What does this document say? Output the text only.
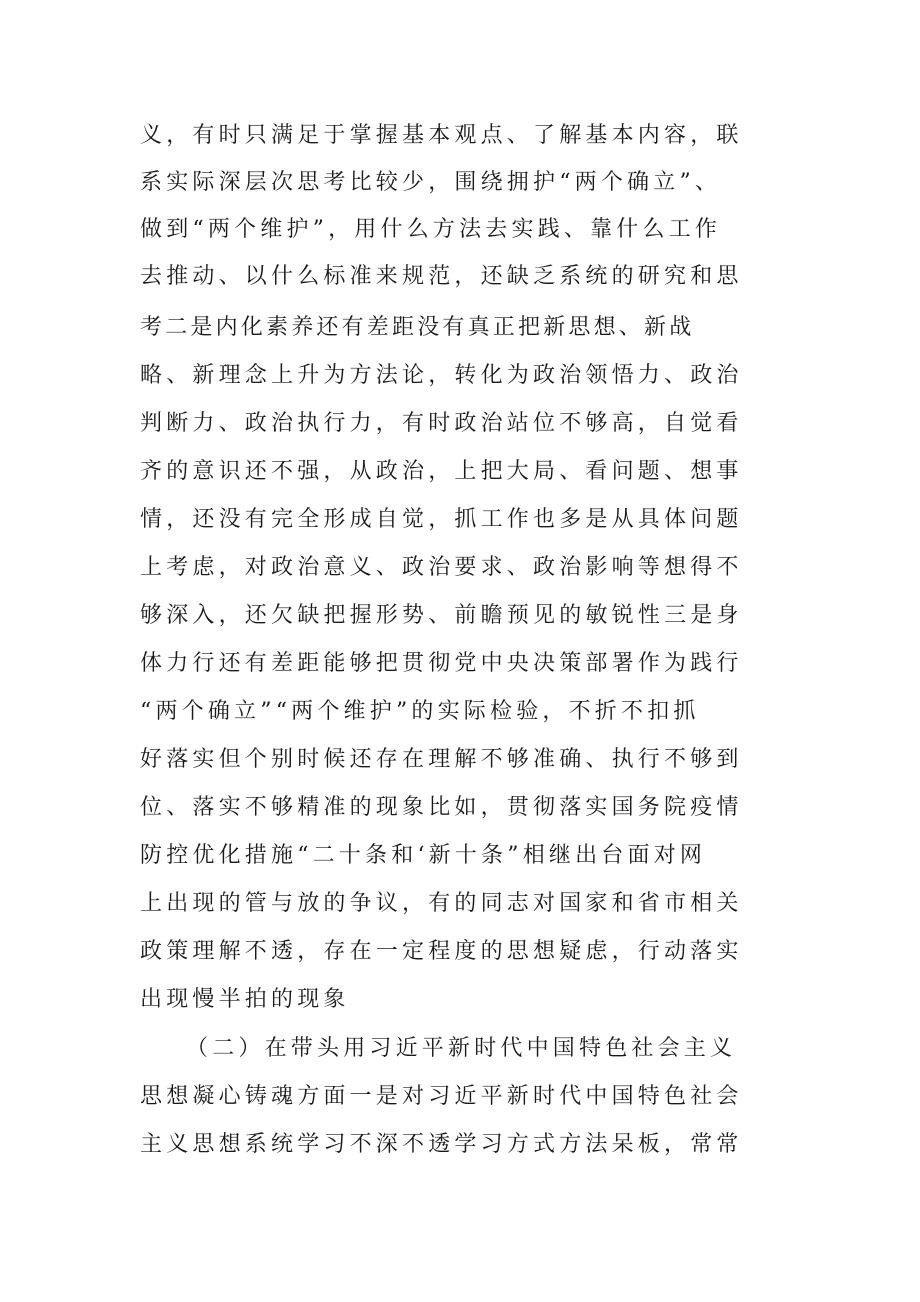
义，有时只满足于掌握基本观点、了解基本内容，联
系实际深层次思考比较少，围绕拥护“两个确立”、
做到“两个维护”，用什么方法去实践、靠什么工作
去推动、以什么标准来规范，还缺乏系统的研究和思
考二是内化素养还有差距没有真正把新思想、新战
略、新理念上升为方法论，转化为政治领悟力、政治
判断力、政治执行力，有时政治站位不够高，自觉看
齐的意识还不强，从政治，上把大局、看问题、想事
情，还没有完全形成自觉，抓工作也多是从具体问题
上考虑，对政治意义、政治要求、政治影响等想得不
够深入，还欠缺把握形势、前瞻预见的敏锐性三是身
体力行还有差距能够把贯彻党中央决策部署作为践行
“两个确立”“两个维护”的实际检验，不折不扣抓
好落实但个别时候还存在理解不够准确、执行不够到
位、落实不够精准的现象比如，贯彻落实国务院疫情
防控优化措施“二十条和‘新十条”相继出台面对网
上出现的管与放的争议，有的同志对国家和省市相关
政策理解不透，存在一定程度的思想疑虑，行动落实
出现慢半拍的现象
（二）在带头用习近平新时代中国特色社会主义
思想凝心铸魂方面一是对习近平新时代中国特色社会
主义思想系统学习不深不透学习方式方法呆板，常常
